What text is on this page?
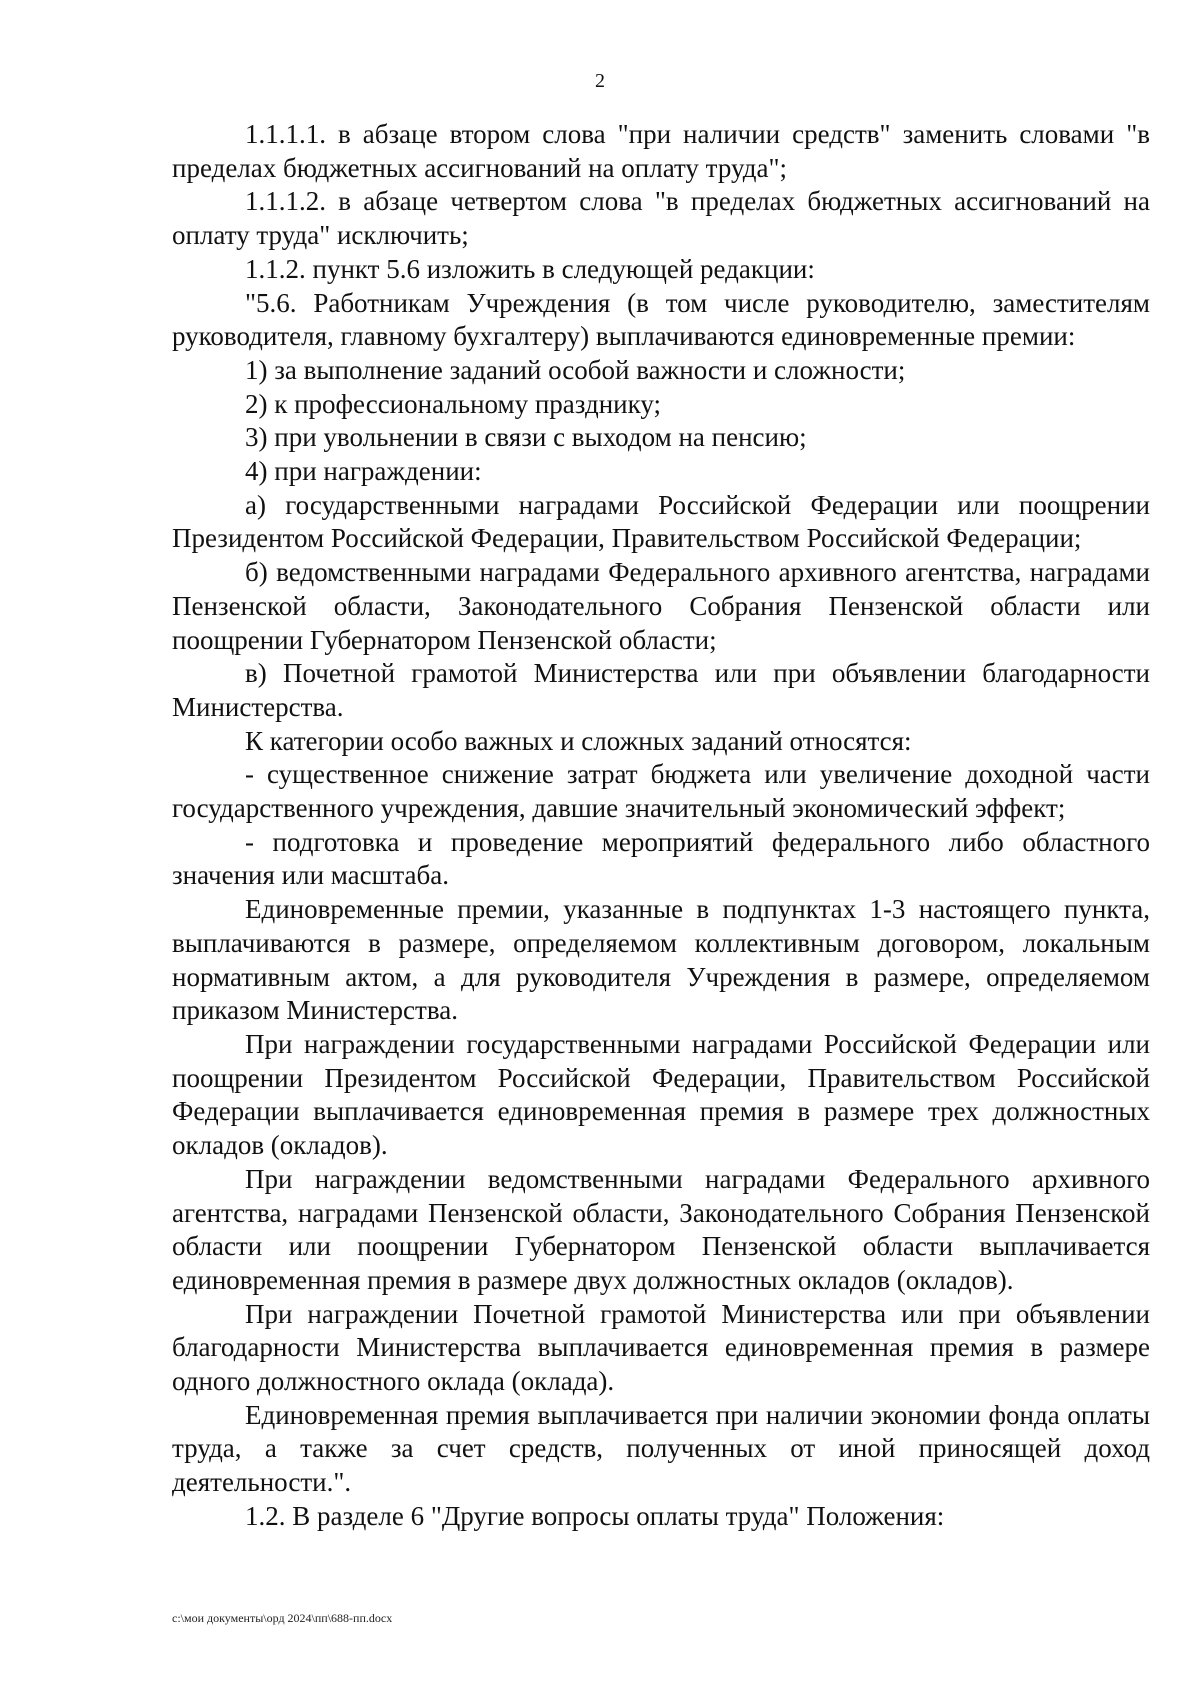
2

1.1.1.1. в абзаце втором слова "при наличии средств" заменить словами "в пределах бюджетных ассигнований на оплату труда";

1.1.1.2. в абзаце четвертом слова "в пределах бюджетных ассигнований на оплату труда" исключить;

1.1.2. пункт 5.6 изложить в следующей редакции:

"5.6. Работникам Учреждения (в том числе руководителю, заместителям руководителя, главному бухгалтеру) выплачиваются единовременные премии:

1) за выполнение заданий особой важности и сложности;

2) к профессиональному празднику;

3) при увольнении в связи с выходом на пенсию;

4) при награждении:

а) государственными наградами Российской Федерации или поощрении Президентом Российской Федерации, Правительством Российской Федерации;

б) ведомственными наградами Федерального архивного агентства, наградами Пензенской области, Законодательного Собрания Пензенской области или поощрении Губернатором Пензенской области;

в) Почетной грамотой Министерства или при объявлении благодарности Министерства.

К категории особо важных и сложных заданий относятся:

- существенное снижение затрат бюджета или увеличение доходной части государственного учреждения, давшие значительный экономический эффект;

- подготовка и проведение мероприятий федерального либо областного значения или масштаба.

Единовременные премии, указанные в подпунктах 1-3 настоящего пункта, выплачиваются в размере, определяемом коллективным договором, локальным нормативным актом, а для руководителя Учреждения в размере, определяемом приказом Министерства.

При награждении государственными наградами Российской Федерации или поощрении Президентом Российской Федерации, Правительством Российской Федерации выплачивается единовременная премия в размере трех должностных окладов (окладов).

При награждении ведомственными наградами Федерального архивного агентства, наградами Пензенской области, Законодательного Собрания Пензенской области или поощрении Губернатором Пензенской области выплачивается единовременная премия в размере двух должностных окладов (окладов).

При награждении Почетной грамотой Министерства или при объявлении благодарности Министерства выплачивается единовременная премия в размере одного должностного оклада (оклада).

Единовременная премия выплачивается при наличии экономии фонда оплаты труда, а также за счет средств, полученных от иной приносящей доход деятельности.".

1.2. В разделе 6 "Другие вопросы оплаты труда" Положения:

c:\мои документы\орд 2024\пп\688-пп.docx
